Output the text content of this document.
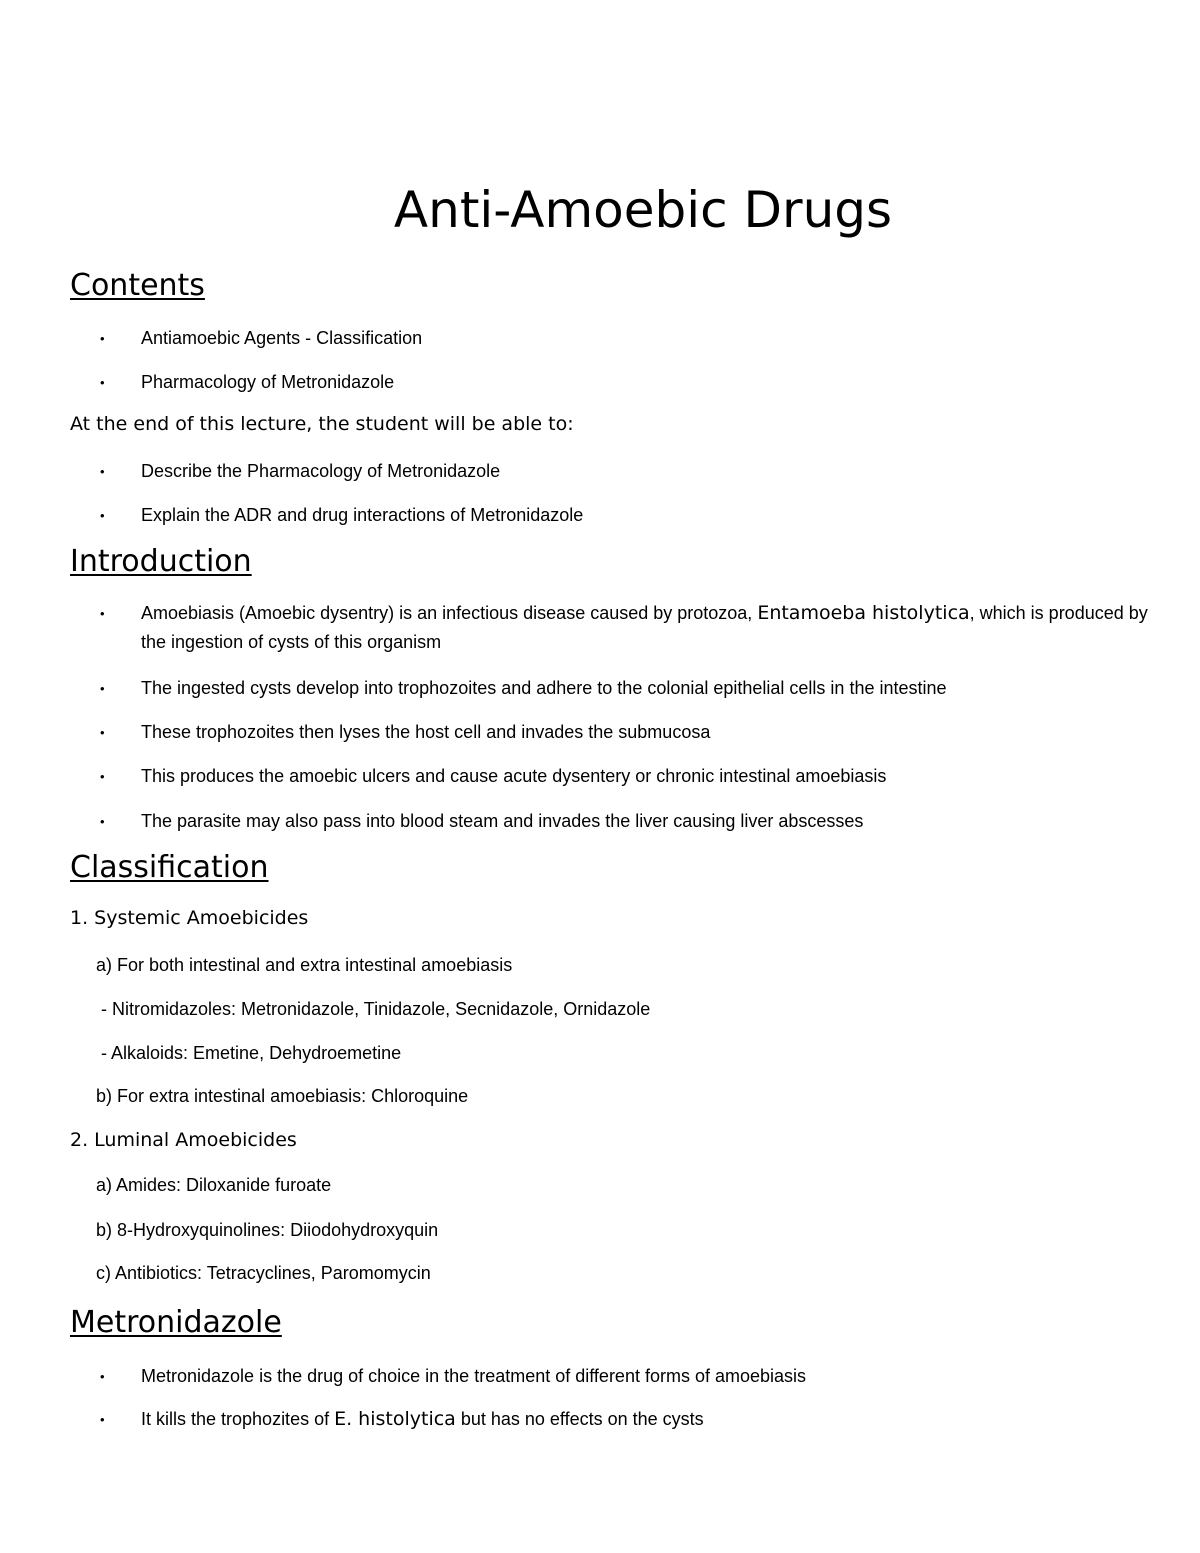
Anti-Amoebic Drugs
Contents
•	Antiamoebic Agents - Classification
•	Pharmacology of Metronidazole
At the end of this lecture, the student will be able to:
•	Describe the Pharmacology of Metronidazole
•	Explain the ADR and drug interactions of Metronidazole
Introduction
•	Amoebiasis (Amoebic dysentry) is an infectious disease caused by protozoa, Entamoeba histolytica, which is produced by the ingestion of cysts of this organism
•	The ingested cysts develop into trophozoites and adhere to the colonial epithelial cells in the intestine
•	These trophozoites then lyses the host cell and invades the submucosa
•	This produces the amoebic ulcers and cause acute dysentery or chronic intestinal amoebiasis
•	The parasite may also pass into blood steam and invades the liver causing liver abscesses
Classification
1. Systemic Amoebicides
a) For both intestinal and extra intestinal amoebiasis
- Nitromidazoles: Metronidazole, Tinidazole, Secnidazole, Ornidazole
- Alkaloids: Emetine, Dehydroemetine
b) For extra intestinal amoebiasis: Chloroquine
2. Luminal Amoebicides
a) Amides: Diloxanide furoate
b) 8-Hydroxyquinolines: Diiodohydroxyquin
c) Antibiotics: Tetracyclines, Paromomycin
Metronidazole
•	Metronidazole is the drug of choice in the treatment of different forms of amoebiasis
•	It kills the trophozites of E. histolytica but has no effects on the cysts
